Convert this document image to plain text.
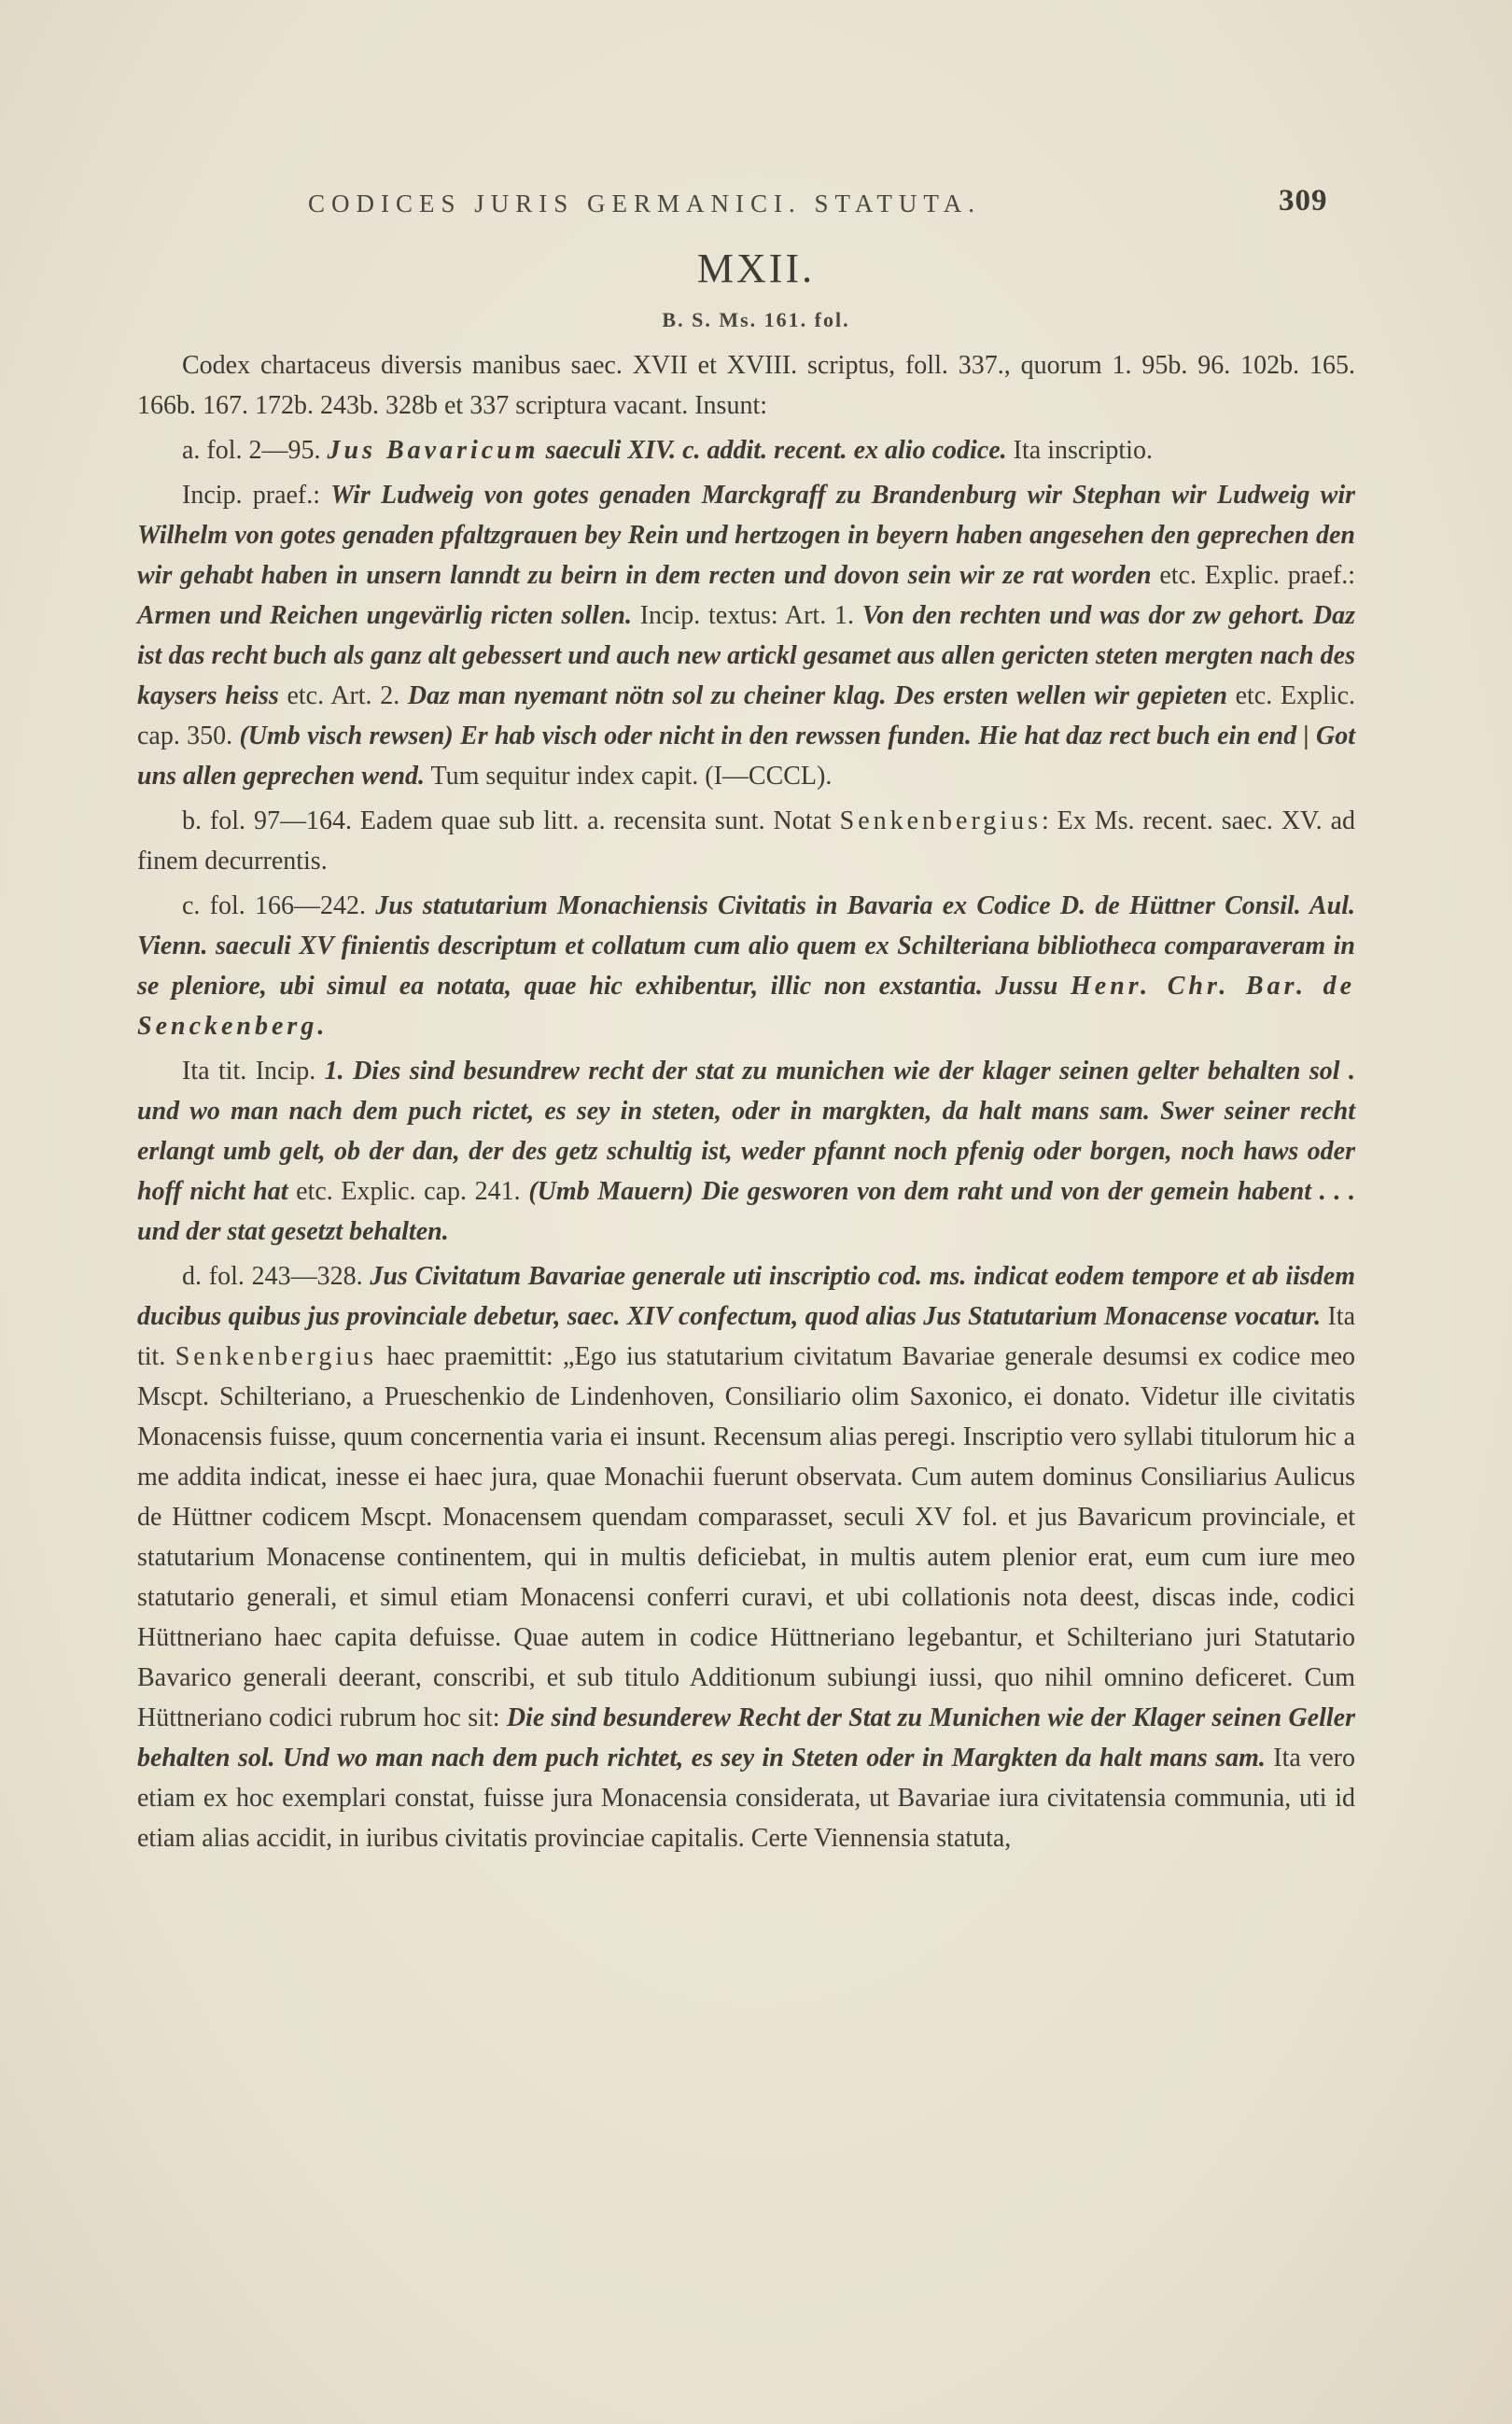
CODICES JURIS GERMANICI. STATUTA.	309
MXII.
B. S. Ms. 161. fol.

Codex chartaceus diversis manibus saec. XVII et XVIII. scriptus, foll. 337., quorum 1. 95b. 96. 102b. 165. 166b. 167. 172b. 243b. 328b et 337 scriptura vacant. Insunt:

a. fol. 2—95. Jus Bavaricum saeculi XIV. c. addit. recent. ex alio codice. Ita inscriptio.

Incip. praef.: Wir Ludweig von gotes genaden Marckgraff zu Brandenburg wir Stephan wir Ludweig wir Wilhelm von gotes genaden pfaltzgrauen bey Rein und hertzogen in beyern haben angesehen den geprechen den wir gehabt haben in unsern lanndt zu beirn in dem recten und dovon sein wir ze rat worden etc. Explic. praef.: Armen und Reichen ungevärlig ricten sollen. Incip. textus: Art. 1. Von den rechten und was dor zw gehort. Daz ist das recht buch als ganz alt gebessert und auch new artickl gesamet aus allen gericten steten mergten nach des kaysers heiss etc. Art. 2. Daz man nyemant nötn sol zu cheiner klag. Des ersten wellen wir gepieten etc. Explic. cap. 350. (Umb visch rewsen) Er hab visch oder nicht in den rewssen funden. Hie hat daz rect buch ein end | Got uns allen geprechen wend. Tum sequitur index capit. (I—CCCL).

b. fol. 97—164. Eadem quae sub litt. a. recensita sunt. Notat Senkenbergius: Ex Ms. recent. saec. XV. ad finem decurrentis.

c. fol. 166—242. Jus statutarium Monachiensis Civitatis in Bavaria ex Codice D. de Hüttner Consil. Aul. Vienn. saeculi XV finientis descriptum et collatum cum alio quem ex Schilteriana bibliotheca comparaveram in se pleniore, ubi simul ea notata, quae hic exhibentur, illic non exstantia. Jussu Henr. Chr. Bar. de Senckenberg.

Ita tit. Incip. 1. Dies sind besundrew recht der stat zu munichen wie der klager seinen gelter behalten sol . und wo man nach dem puch rictet, es sey in steten, oder in margkten, da halt mans sam. Swer seiner recht erlangt umb gelt, ob der dan, der des getz schultig ist, weder pfannt noch pfenig oder borgen, noch haws oder hoff nicht hat etc. Explic. cap. 241. (Umb Mauern) Die gesworen von dem raht und von der gemein habent . . . und der stat gesetzt behalten.

d. fol. 243—328. Jus Civitatum Bavariae generale uti inscriptio cod. ms. indicat eodem tempore et ab iisdem ducibus quibus jus provinciale debetur, saec. XIV confectum, quod alias Jus Statutarium Monacense vocatur. Ita tit. Senkenbergius haec praemittit: „Ego ius statutarium civitatum Bavariae generale desumsi ex codice meo Mscpt. Schilteriano, a Prueschenkio de Lindenhoven, Consiliario olim Saxonico, ei donato. Videtur ille civitatis Monacensis fuisse, quum concernentia varia ei insunt. Recensum alias peregi. Inscriptio vero syllabi titulorum hic a me addita indicat, inesse ei haec jura, quae Monachii fuerunt observata. Cum autem dominus Consiliarius Aulicus de Hüttner codicem Mscpt. Monacensem quendam comparasset, seculi XV fol. et jus Bavaricum provinciale, et statutarium Monacense continentem, qui in multis deficiebat, in multis autem plenior erat, eum cum iure meo statutario generali, et simul etiam Monacensi conferri curavi, et ubi collationis nota deest, discas inde, codici Hüttneriano haec capita defuisse. Quae autem in codice Hüttneriano legebantur, et Schilteriano juri Statutario Bavarico generali deerant, conscribi, et sub titulo Additionum subiungi iussi, quo nihil omnino deficeret. Cum Hüttneriano codici rubrum hoc sit: Die sind besunderew Recht der Stat zu Munichen wie der Klager seinen Geller behalten sol. Und wo man nach dem puch richtet, es sey in Steten oder in Margkten da halt mans sam. Ita vero etiam ex hoc exemplari constat, fuisse jura Monacensia considerata, ut Bavariae iura civitatensia communia, uti id etiam alias accidit, in iuribus civitatis provinciae capitalis. Certe Viennensia statuta,
